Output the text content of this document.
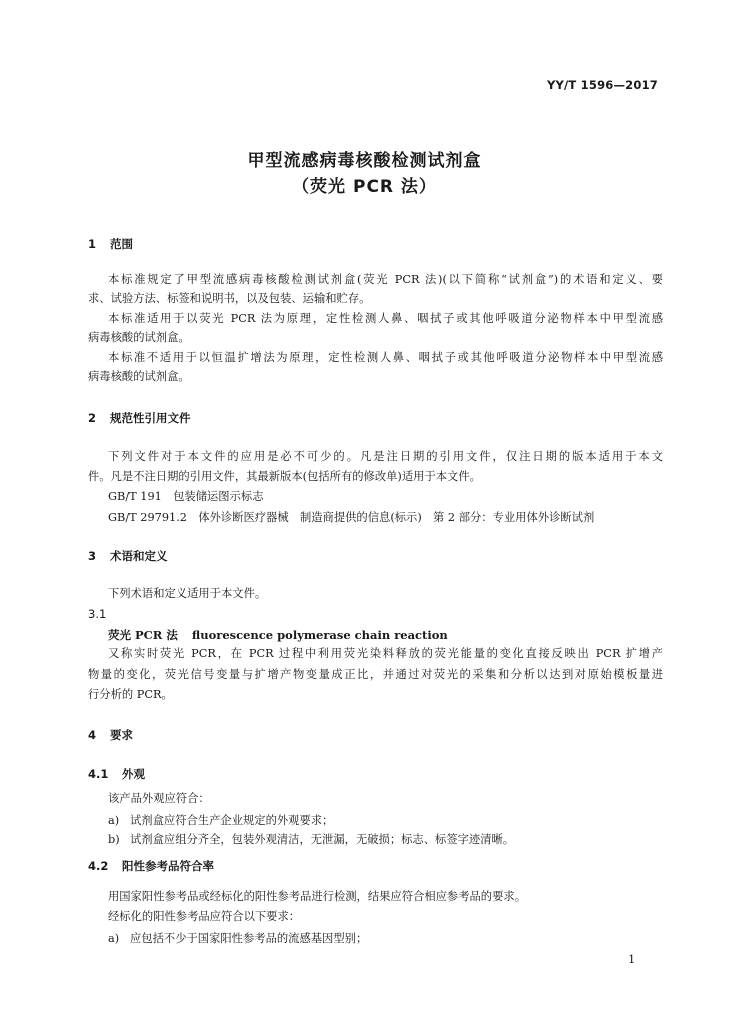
YY/T 1596—2017
甲型流感病毒核酸检测试剂盒
（荧光 PCR 法）
1 范围
本标准规定了甲型流感病毒核酸检测试剂盒(荧光 PCR 法)(以下简称“试剂盒”)的术语和定义、要
求、试验方法、标签和说明书，以及包装、运输和贮存。
本标准适用于以荧光 PCR 法为原理，定性检测人鼻、咽拭子或其他呼吸道分泌物样本中甲型流感
病毒核酸的试剂盒。
本标准不适用于以恒温扩增法为原理，定性检测人鼻、咽拭子或其他呼吸道分泌物样本中甲型流感
病毒核酸的试剂盒。
2 规范性引用文件
下列文件对于本文件的应用是必不可少的。凡是注日期的引用文件，仅注日期的版本适用于本文
件。凡是不注日期的引用文件，其最新版本(包括所有的修改单)适用于本文件。
GB/T 191　包装储运图示标志
GB/T 29791.2　体外诊断医疗器械　制造商提供的信息(标示)　第 2 部分：专业用体外诊断试剂
3 术语和定义
下列术语和定义适用于本文件。
3.1
荧光 PCR 法 fluorescence polymerase chain reaction
又称实时荧光 PCR，在 PCR 过程中利用荧光染料释放的荧光能量的变化直接反映出 PCR 扩增产
物量的变化，荧光信号变量与扩增产物变量成正比，并通过对荧光的采集和分析以达到对原始模板量进
行分析的 PCR。
4 要求
4.1 外观
该产品外观应符合：
a) 试剂盒应符合生产企业规定的外观要求；
b) 试剂盒应组分齐全，包装外观清洁，无泄漏，无破损；标志、标签字迹清晰。
4.2 阳性参考品符合率
用国家阳性参考品或经标化的阳性参考品进行检测，结果应符合相应参考品的要求。
经标化的阳性参考品应符合以下要求：
a) 应包括不少于国家阳性参考品的流感基因型别；
1
